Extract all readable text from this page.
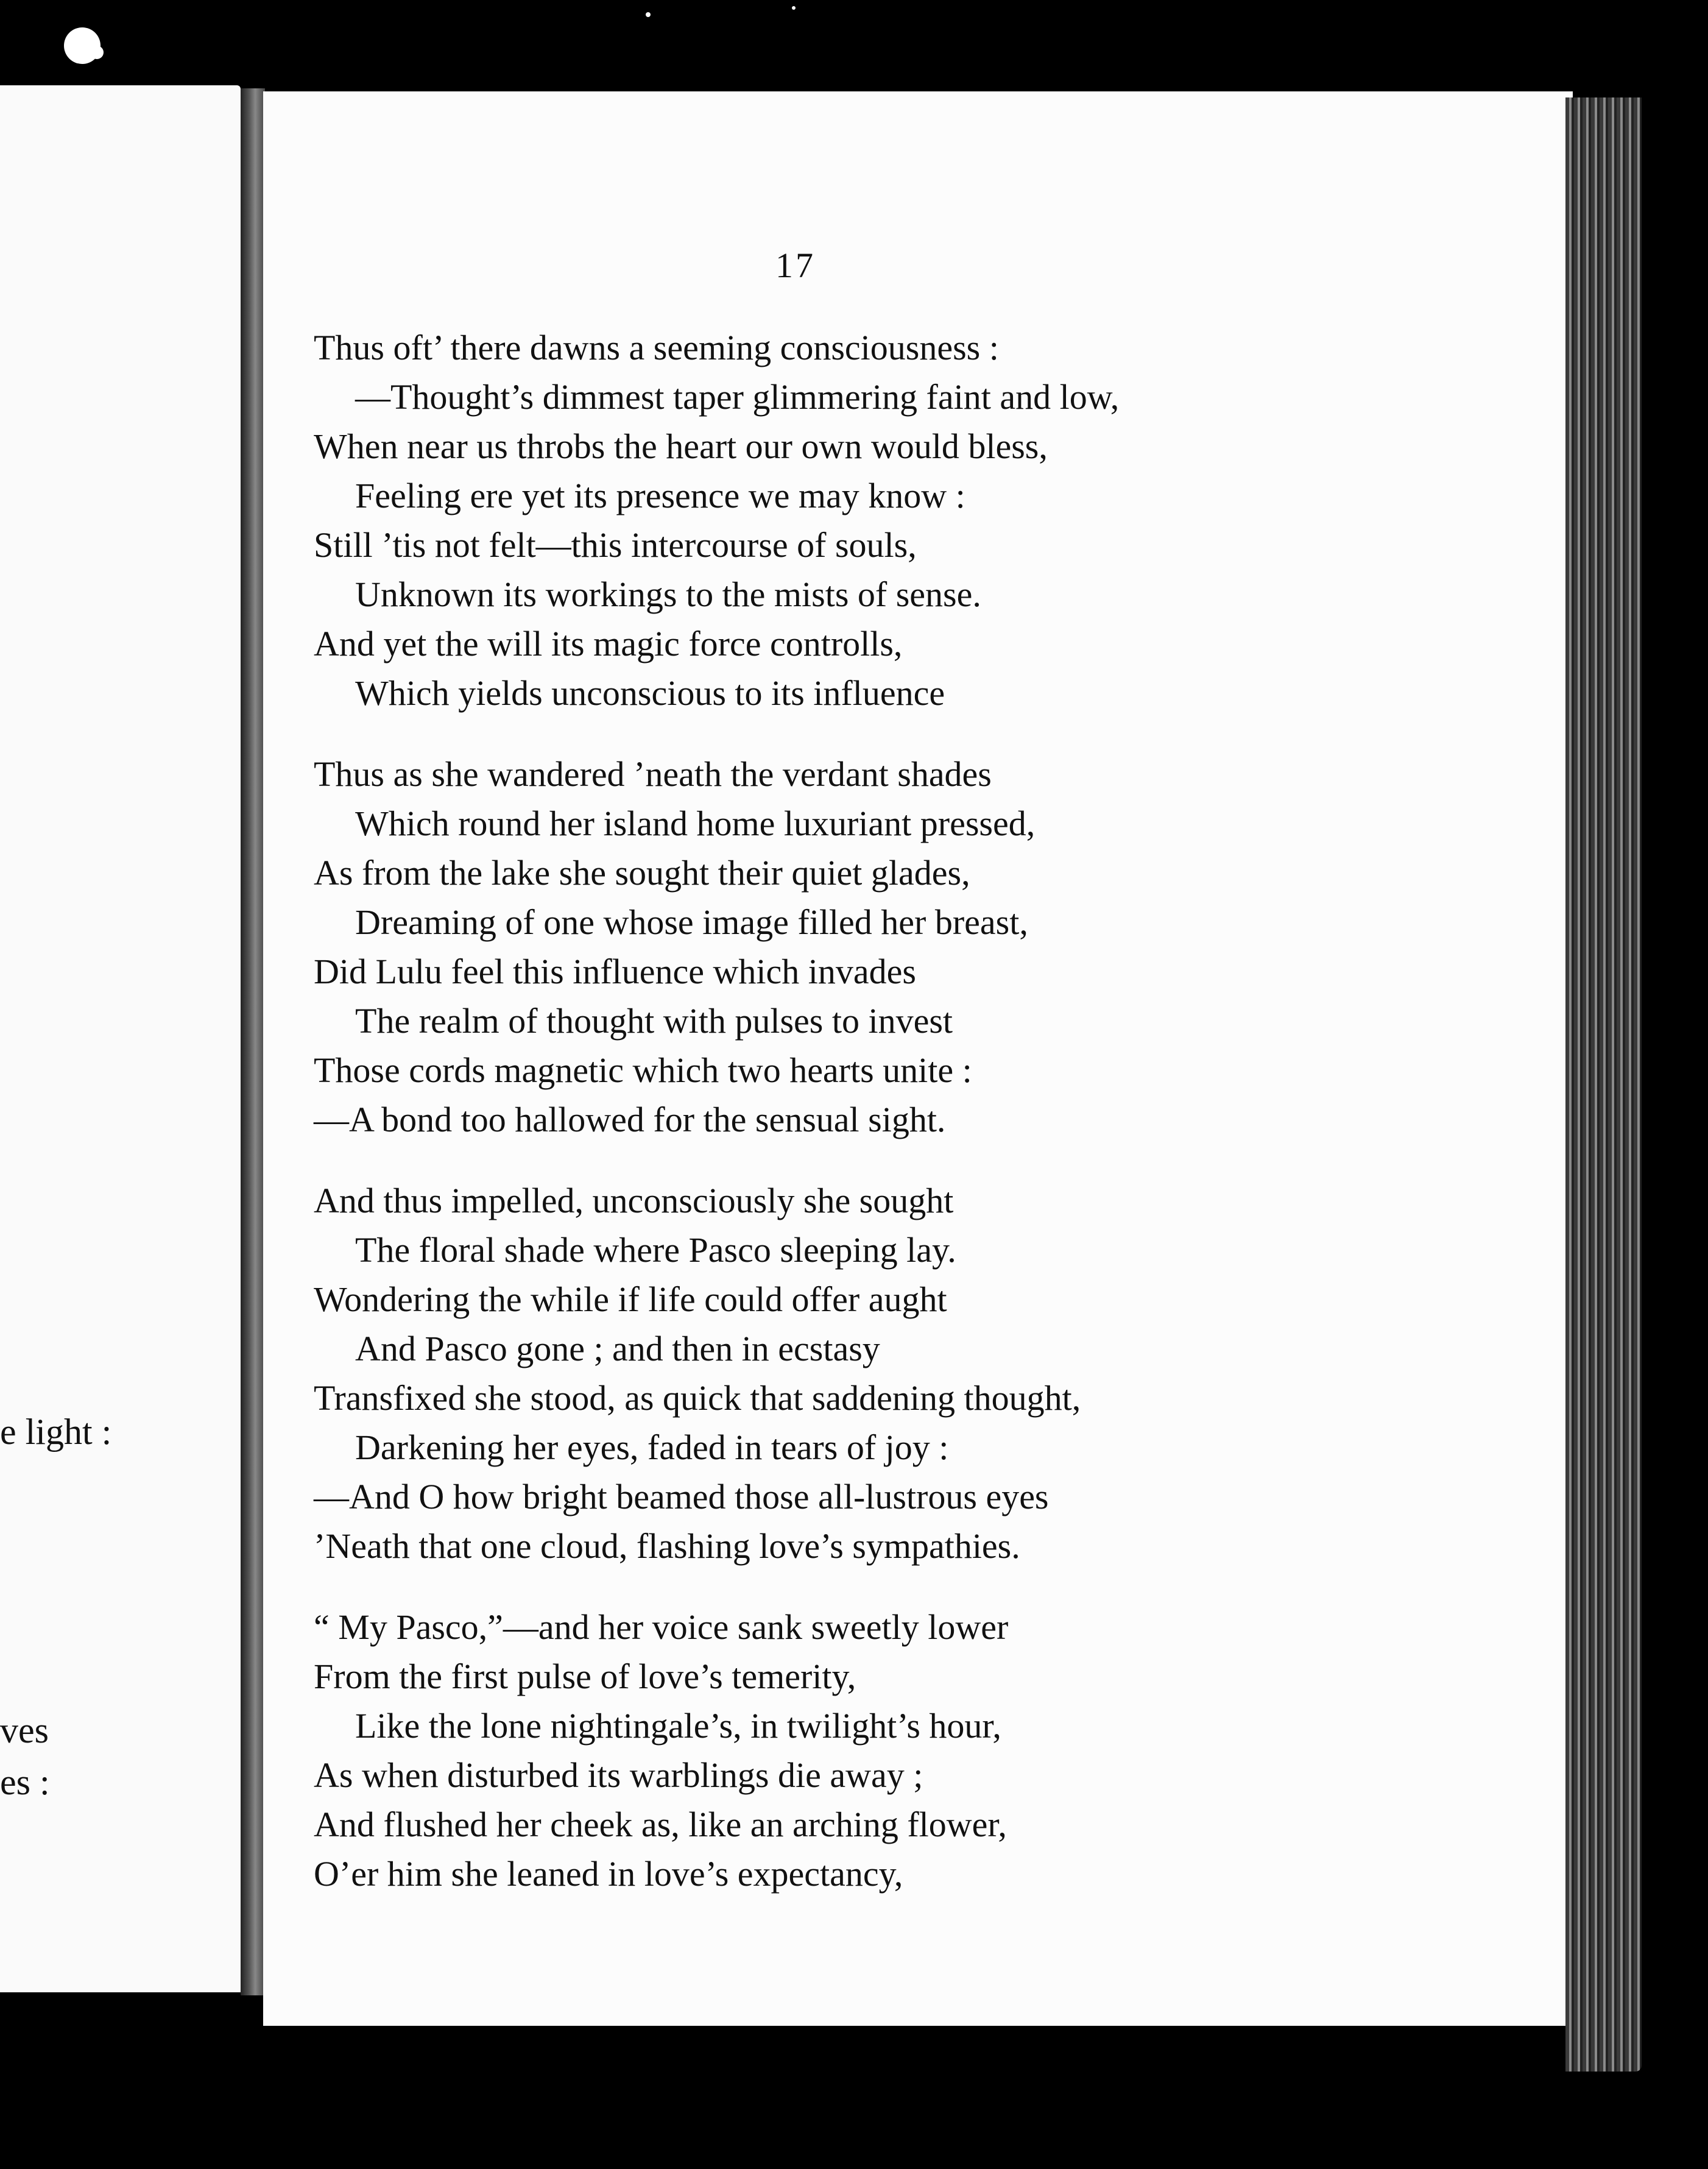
e light :
ves
es :
17
Thus oft’ there dawns a seeming consciousness :
—Thought’s dimmest taper glimmering faint and low,
When near us throbs the heart our own would bless,
Feeling ere yet its presence we may know :
Still ’tis not felt—this intercourse of souls,
Unknown its workings to the mists of sense.
And yet the will its magic force controlls,
Which yields unconscious to its influence
Thus as she wandered ’neath the verdant shades
Which round her island home luxuriant pressed,
As from the lake she sought their quiet glades,
Dreaming of one whose image filled her breast,
Did Lulu feel this influence which invades
The realm of thought with pulses to invest
Those cords magnetic which two hearts unite :
—A bond too hallowed for the sensual sight.
And thus impelled, unconsciously she sought
The floral shade where Pasco sleeping lay.
Wondering the while if life could offer aught
And Pasco gone ; and then in ecstasy
Transfixed she stood, as quick that saddening thought,
Darkening her eyes, faded in tears of joy :
—And O how bright beamed those all-lustrous eyes
’Neath that one cloud, flashing love’s sympathies.
“ My Pasco,”—and her voice sank sweetly lower
From the first pulse of love’s temerity,
Like the lone nightingale’s, in twilight’s hour,
As when disturbed its warblings die away ;
And flushed her cheek as, like an arching flower,
O’er him she leaned in love’s expectancy,
